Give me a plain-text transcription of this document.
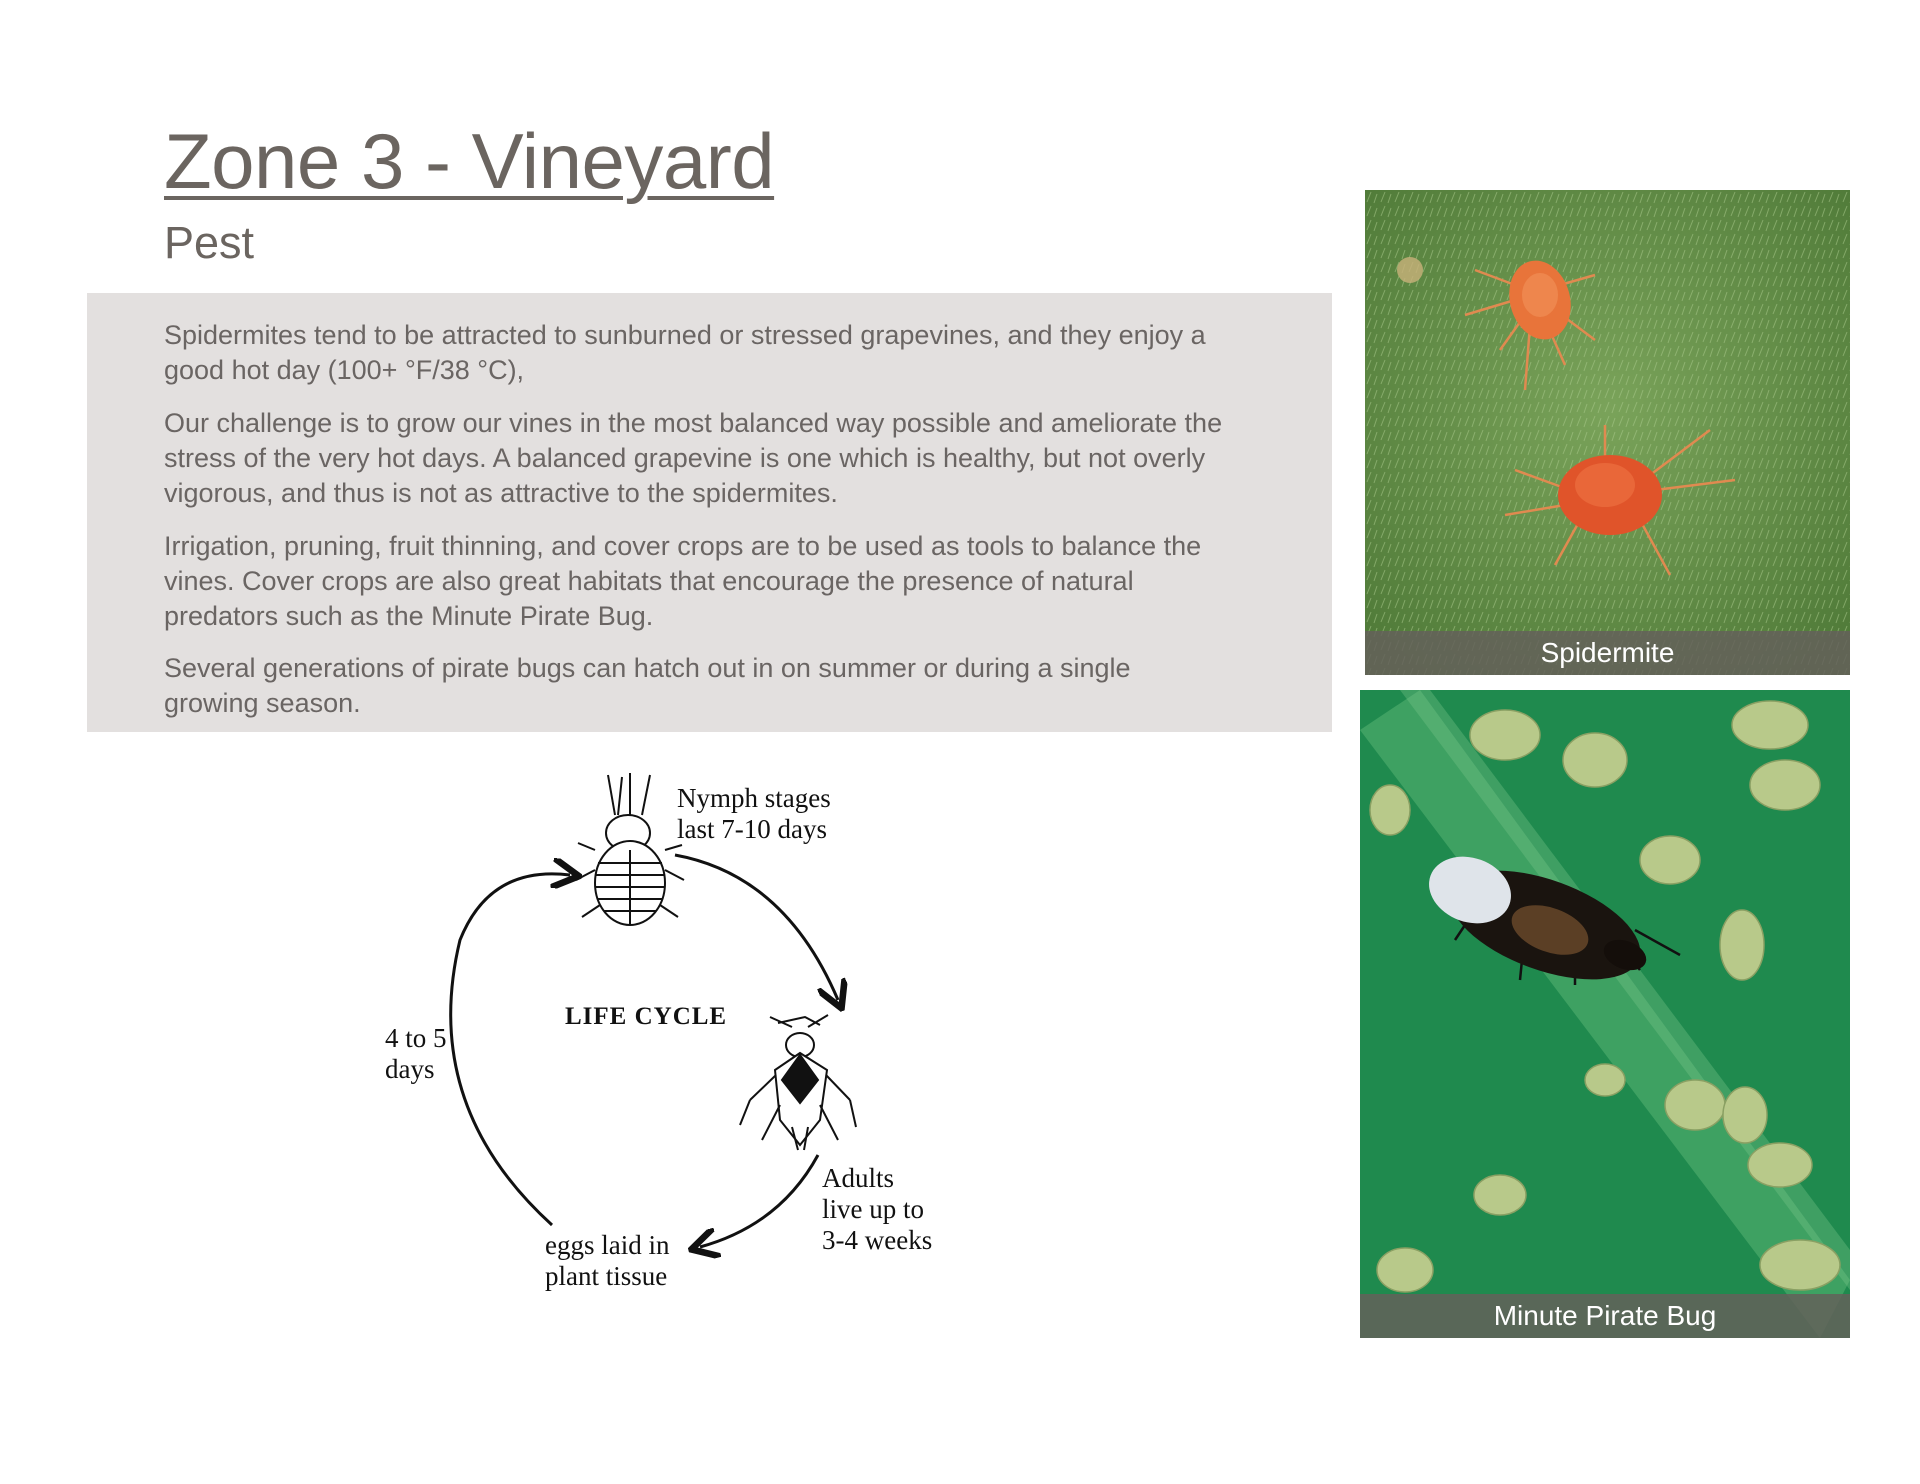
Zone 3 - Vineyard
Pest

Spidermites tend to be attracted to sunburned or stressed grapevines, and they enjoy a good hot day (100+ °F/38 °C),

Our challenge is to grow our vines in the most balanced way possible and ameliorate the stress of the very hot days. A balanced grapevine is one which is healthy, but not overly vigorous, and thus is not as attractive to the spidermites.

Irrigation, pruning, fruit thinning, and cover crops are to be used as tools to balance the vines. Cover crops are also great habitats that encourage the presence of natural predators such as the Minute Pirate Bug.

Several generations of pirate bugs can hatch out in on summer or during a single growing season.

LIFE CYCLE
Nymph stages
last 7-10 days
Adults
live up to
3-4 weeks
eggs laid in
plant tissue
4 to 5
days
Spidermite
Minute Pirate Bug
